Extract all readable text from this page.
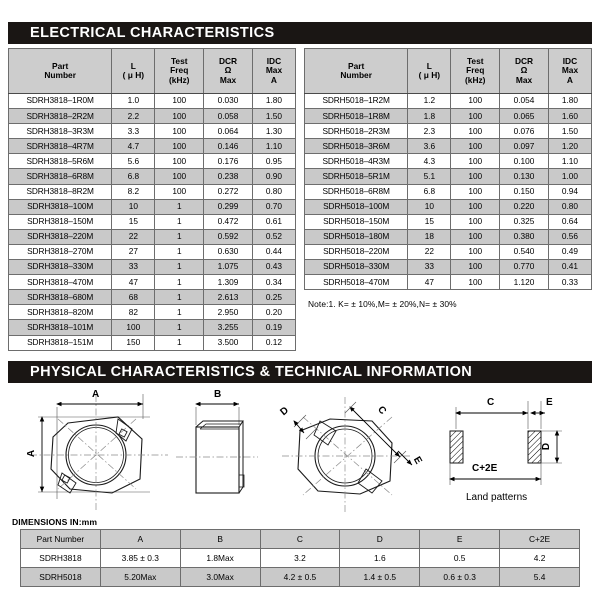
ELECTRICAL CHARACTERISTICS
Part
Number

L
( μ H)

Test
Freq
(kHz)

DCR
Ω
Max

IDC
Max
A

SDRH3818–1R0M	1.0	100	0.030	1.80
SDRH3818–2R2M	2.2	100	0.058	1.50
SDRH3818–3R3M	3.3	100	0.064	1.30
SDRH3818–4R7M	4.7	100	0.146	1.10
SDRH3818–5R6M	5.6	100	0.176	0.95
SDRH3818–6R8M	6.8	100	0.238	0.90
SDRH3818–8R2M	8.2	100	0.272	0.80
SDRH3818–100M	10	1	0.299	0.70
SDRH3818–150M	15	1	0.472	0.61
SDRH3818–220M	22	1	0.592	0.52
SDRH3818–270M	27	1	0.630	0.44
SDRH3818–330M	33	1	1.075	0.43
SDRH3818–470M	47	1	1.309	0.34
SDRH3818–680M	68	1	2.613	0.25
SDRH3818–820M	82	1	2.950	0.20
SDRH3818–101M	100	1	3.255	0.19
SDRH3818–151M	150	1	3.500	0.12
Part
Number

L
( μ H)

Test
Freq
(kHz)

DCR
Ω
Max

IDC
Max
A

SDRH5018–1R2M	1.2	100	0.054	1.80
SDRH5018–1R8M	1.8	100	0.065	1.60
SDRH5018–2R3M	2.3	100	0.076	1.50
SDRH5018–3R6M	3.6	100	0.097	1.20
SDRH5018–4R3M	4.3	100	0.100	1.10
SDRH5018–5R1M	5.1	100	0.130	1.00
SDRH5018–6R8M	6.8	100	0.150	0.94
SDRH5018–100M	10	100	0.220	0.80
SDRH5018–150M	15	100	0.325	0.64
SDRH5018–180M	18	100	0.380	0.56
SDRH5018–220M	22	100	0.540	0.49
SDRH5018–330M	33	100	0.770	0.41
SDRH5018–470M	47	100	1.120	0.33
Note:1. K= ± 10%,M= ± 20%,N= ± 30%
PHYSICAL CHARACTERISTICS & TECHNICAL INFORMATION
A
A
B
D	C
E
C	E
D
C+2E
Land patterns
DIMENSIONS IN:mm
Part Number	A	B	C	D	E	C+2E
SDRH3818	3.85 ± 0.3	1.8Max	3.2	1.6	0.5	4.2
SDRH5018	5.20Max	3.0Max	4.2 ± 0.5	1.4 ± 0.5	0.6 ± 0.3	5.4
